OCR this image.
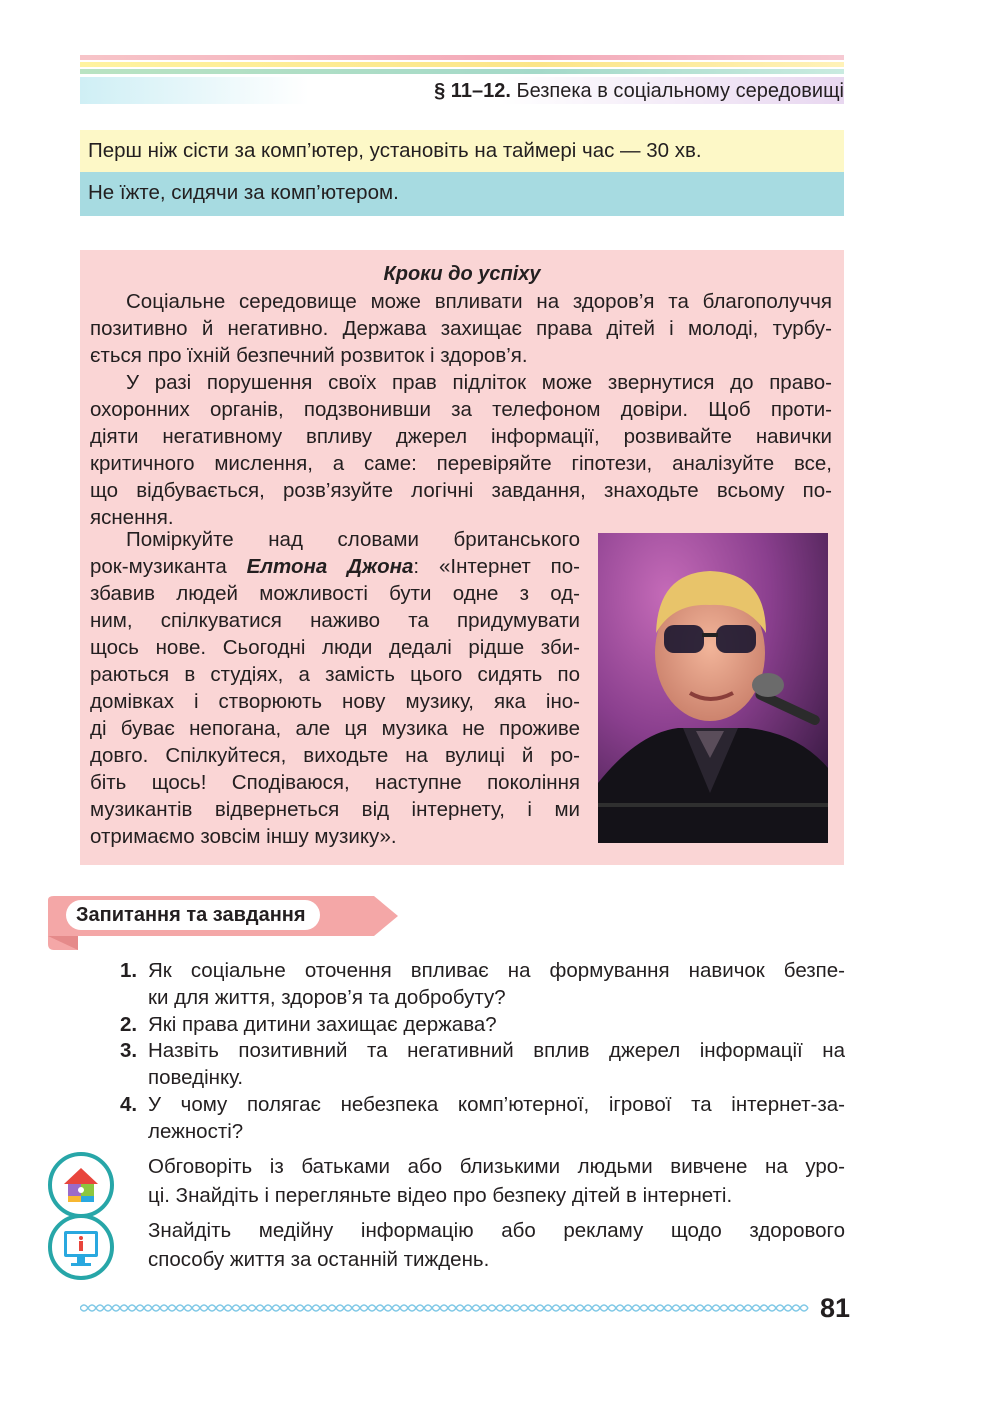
§ 11–12. Безпека в соціальному середовищі
Перш ніж сісти за комп’ютер, установіть на таймері час — 30 хв.
Не їжте, сидячи за комп’ютером.
Кроки до успіху
Соціальне середовище може впливати на здоров’я та благополуччя
позитивно й негативно. Держава захищає права дітей і молоді, турбу-
ється про їхній безпечний розвиток і здоров’я.
У разі порушення своїх прав підліток може звернутися до право-
охоронних органів, подзвонивши за телефоном довіри. Щоб проти-
діяти негативному впливу джерел інформації, розвивайте навички
критичного мислення, а саме: перевіряйте гіпотези, аналізуйте все,
що відбувається, розв’язуйте логічні завдання, знаходьте всьому по-
яснення.
Поміркуйте над словами британського
рок-музиканта Елтона Джона: «Інтернет по-
збавив людей можливості бути одне з од-
ним, спілкуватися наживо та придумувати
щось нове. Сьогодні люди дедалі рідше зби-
раються в студіях, а замість цього сидять по
домівках і створюють нову музику, яка іно-
ді буває непогана, але ця музика не проживе
довго. Спілкуйтеся, виходьте на вулиці й ро-
біть щось! Сподіваюся, наступне покоління
музикантів відвернеться від інтернету, і ми
отримаємо зовсім іншу музику».
Запитання та завдання
1. Як соціальне оточення впливає на формування навичок безпе-
ки для життя, здоров’я та добробуту?
2. Які права дитини захищає держава?
3. Назвіть позитивний та негативний вплив джерел інформації на
поведінку.
4. У чому полягає небезпека комп’ютерної, ігрової та інтернет-за-
лежності?
Обговоріть із батьками або близькими людьми вивчене на уро-
ці. Знайдіть і перегляньте відео про безпеку дітей в інтернеті.
Знайдіть медійну інформацію або рекламу щодо здорового
способу життя за останній тиждень.
81
